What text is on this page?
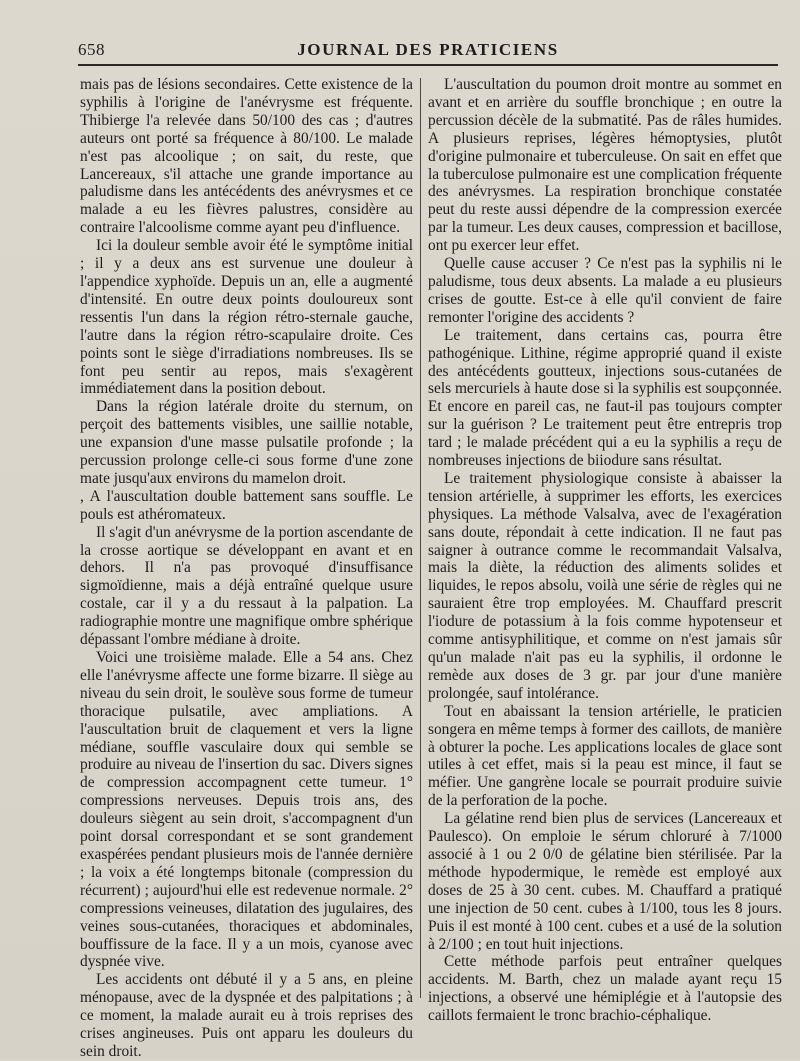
658	JOURNAL DES PRATICIENS

mais pas de lésions secondaires. Cette existence de la syphilis à l'origine de l'anévrysme est fréquente. Thibierge l'a relevée dans 50/100 des cas ; d'autres auteurs ont porté sa fréquence à 80/100. Le malade n'est pas alcoolique ; on sait, du reste, que Lancereaux, s'il attache une grande importance au paludisme dans les antécédents des anévrysmes et ce malade a eu les fièvres palustres, considère au contraire l'alcoolisme comme ayant peu d'influence.

Ici la douleur semble avoir été le symptôme initial ; il y a deux ans est survenue une douleur à l'appendice xyphoïde. Depuis un an, elle a augmenté d'intensité. En outre deux points douloureux sont ressentis l'un dans la région rétro-sternale gauche, l'autre dans la région rétro-scapulaire droite. Ces points sont le siège d'irradiations nombreuses. Ils se font peu sentir au repos, mais s'exagèrent immédiatement dans la position debout.

Dans la région latérale droite du sternum, on perçoit des battements visibles, une saillie notable, une expansion d'une masse pulsatile profonde ; la percussion prolonge celle-ci sous forme d'une zone mate jusqu'aux environs du mamelon droit.

, A l'auscultation double battement sans souffle. Le pouls est athéromateux.

Il s'agit d'un anévrysme de la portion ascendante de la crosse aortique se développant en avant et en dehors. Il n'a pas provoqué d'insuffisance sigmoïdienne, mais a déjà entraîné quelque usure costale, car il y a du ressaut à la palpation. La radiographie montre une magnifique ombre sphérique dépassant l'ombre médiane à droite.

Voici une troisième malade. Elle a 54 ans. Chez elle l'anévrysme affecte une forme bizarre. Il siège au niveau du sein droit, le soulève sous forme de tumeur thoracique pulsatile, avec ampliations. A l'auscultation bruit de claquement et vers la ligne médiane, souffle vasculaire doux qui semble se produire au niveau de l'insertion du sac. Divers signes de compression accompagnent cette tumeur. 1° compressions nerveuses. Depuis trois ans, des douleurs siègent au sein droit, s'accompagnent d'un point dorsal correspondant et se sont grandement exaspérées pendant plusieurs mois de l'année dernière ; la voix a été longtemps bitonale (compression du récurrent) ; aujourd'hui elle est redevenue normale. 2° compressions veineuses, dilatation des jugulaires, des veines sous-cutanées, thoraciques et abdominales, bouffissure de la face. Il y a un mois, cyanose avec dyspnée vive.

Les accidents ont débuté il y a 5 ans, en pleine ménopause, avec de la dyspnée et des palpitations ; à ce moment, la malade aurait eu à trois reprises des crises angineuses. Puis ont apparu les douleurs du sein droit.

L'auscultation du poumon droit montre au sommet en avant et en arrière du souffle bronchique ; en outre la percussion décèle de la submatité. Pas de râles humides. A plusieurs reprises, légères hémoptysies, plutôt d'origine pulmonaire et tuberculeuse. On sait en effet que la tuberculose pulmonaire est une complication fréquente des anévrysmes. La respiration bronchique constatée peut du reste aussi dépendre de la compression exercée par la tumeur. Les deux causes, compression et bacillose, ont pu exercer leur effet.

Quelle cause accuser ? Ce n'est pas la syphilis ni le paludisme, tous deux absents. La malade a eu plusieurs crises de goutte. Est-ce à elle qu'il convient de faire remonter l'origine des accidents ?

Le traitement, dans certains cas, pourra être pathogénique. Lithine, régime approprié quand il existe des antécédents goutteux, injections sous-cutanées de sels mercuriels à haute dose si la syphilis est soupçonnée. Et encore en pareil cas, ne faut-il pas toujours compter sur la guérison ? Le traitement peut être entrepris trop tard ; le malade précédent qui a eu la syphilis a reçu de nombreuses injections de biiodure sans résultat.

Le traitement physiologique consiste à abaisser la tension artérielle, à supprimer les efforts, les exercices physiques. La méthode Valsalva, avec de l'exagération sans doute, répondait à cette indication. Il ne faut pas saigner à outrance comme le recommandait Valsalva, mais la diète, la réduction des aliments solides et liquides, le repos absolu, voilà une série de règles qui ne sauraient être trop employées. M. Chauffard prescrit l'iodure de potassium à la fois comme hypotenseur et comme antisyphilitique, et comme on n'est jamais sûr qu'un malade n'ait pas eu la syphilis, il ordonne le remède aux doses de 3 gr. par jour d'une manière prolongée, sauf intolérance.

Tout en abaissant la tension artérielle, le praticien songera en même temps à former des caillots, de manière à obturer la poche. Les applications locales de glace sont utiles à cet effet, mais si la peau est mince, il faut se méfier. Une gangrène locale se pourrait produire suivie de la perforation de la poche.

La gélatine rend bien plus de services (Lancereaux et Paulesco). On emploie le sérum chloruré à 7/1000 associé à 1 ou 2 0/0 de gélatine bien stérilisée. Par la méthode hypodermique, le remède est employé aux doses de 25 à 30 cent. cubes. M. Chauffard a pratiqué une injection de 50 cent. cubes à 1/100, tous les 8 jours. Puis il est monté à 100 cent. cubes et a usé de la solution à 2/100 ; en tout huit injections.

Cette méthode parfois peut entraîner quelques accidents. M. Barth, chez un malade ayant reçu 15 injections, a observé une hémiplégie et à l'autopsie des caillots fermaient le tronc brachio-céphalique.
